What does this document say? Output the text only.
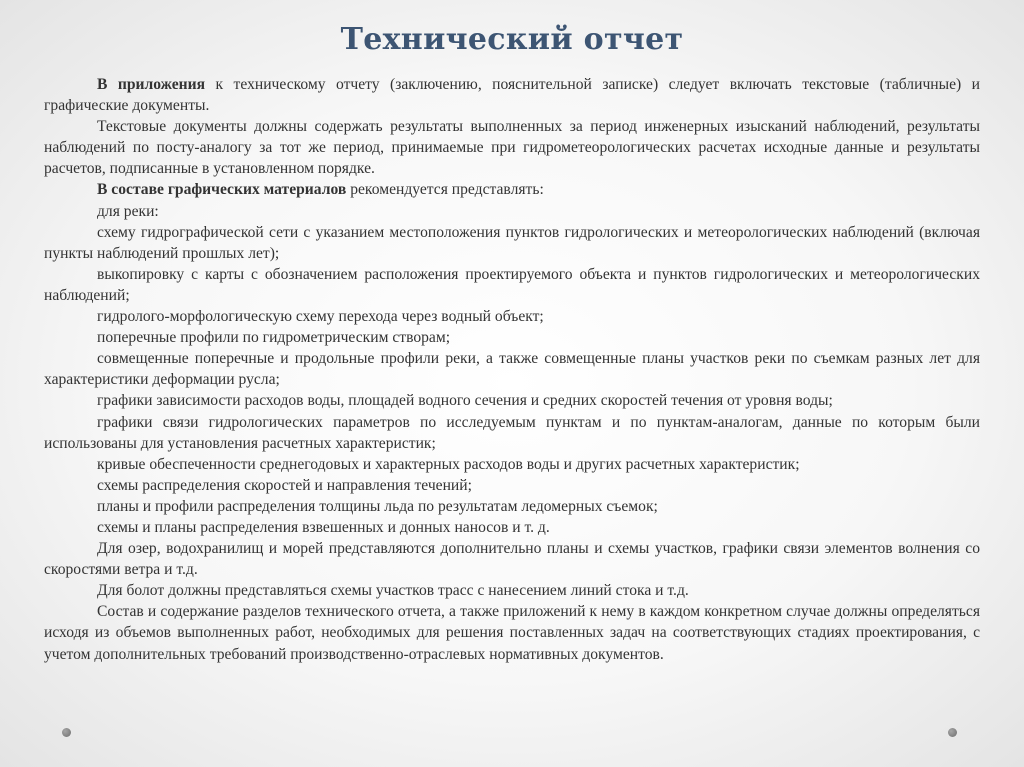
Технический отчет

В приложения к техническому отчету (заключению, пояснительной записке) следует включать текстовые (табличные) и графические документы.

Текстовые документы должны содержать результаты выполненных за период инженерных изысканий наблюдений, результаты наблюдений по посту-аналогу за тот же период, принимаемые при гидрометеорологических расчетах исходные данные и результаты расчетов, подписанные в установленном порядке.

В составе графических материалов рекомендуется представлять:

для реки:

схему гидрографической сети с указанием местоположения пунктов гидрологических и метеорологических наблюдений (включая пункты наблюдений прошлых лет);

выкопировку с карты с обозначением расположения проектируемого объекта и пунктов гидрологических и метеорологических наблюдений;

гидролого-морфологическую схему перехода через водный объект;

поперечные профили по гидрометрическим створам;

совмещенные поперечные и продольные профили реки, а также совмещенные планы участков реки по съемкам разных лет для характеристики деформации русла;

графики зависимости расходов воды, площадей водного сечения и средних скоростей течения от уровня воды;

графики связи гидрологических параметров по исследуемым пунктам и по пунктам-аналогам, данные по которым были использованы для установления расчетных характеристик;

кривые обеспеченности среднегодовых и характерных расходов воды и других расчетных характеристик;

схемы распределения скоростей и направления течений;

планы и профили распределения толщины льда по результатам ледомерных съемок;

схемы и планы распределения взвешенных и донных наносов и т. д.

Для озер, водохранилищ и морей представляются дополнительно планы и схемы участков, графики связи элементов волнения со скоростями ветра и т.д.

Для болот должны представляться схемы участков трасс с нанесением линий стока и т.д.

Состав и содержание разделов технического отчета, а также приложений к нему в каждом конкретном случае должны определяться исходя из объемов выполненных работ, необходимых для решения поставленных задач на соответствующих стадиях проектирования, с учетом дополнительных требований производственно-отраслевых нормативных документов.
